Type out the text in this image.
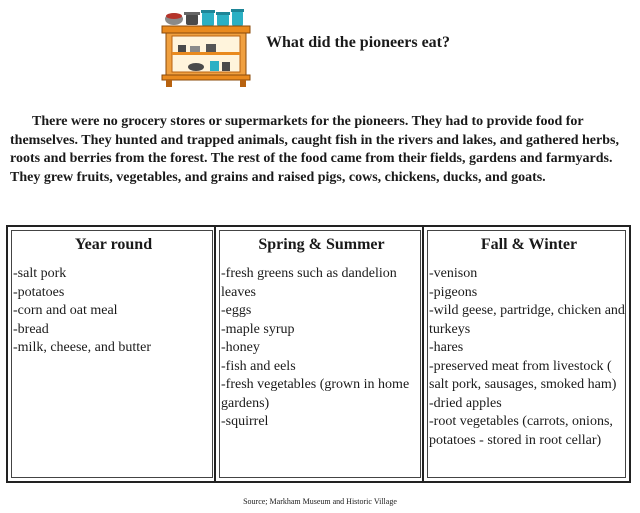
What did the pioneers eat?

There were no grocery stores or supermarkets for the pioneers. They had to provide food for themselves. They hunted and trapped animals, caught fish in the rivers and lakes, and gathered herbs, roots and berries from the forest. The rest of the food came from their fields, gardens and farmyards. They grew fruits, vegetables, and grains and raised pigs, cows, chickens, ducks, and goats.

Year round
-salt pork
-potatoes
-corn and oat meal
-bread
-milk, cheese, and butter
Spring & Summer
-fresh greens such as dandelion leaves
-eggs
-maple syrup
-honey
-fish and eels
-fresh vegetables (grown in home gardens)
-squirrel
Fall & Winter
-venison
-pigeons
-wild geese, partridge, chicken and turkeys
-hares
-preserved meat from livestock ( salt pork, sausages, smoked ham)
-dried apples
-root vegetables (carrots, onions, potatoes - stored in root cellar)
Source; Markham Museum and Historic Village
